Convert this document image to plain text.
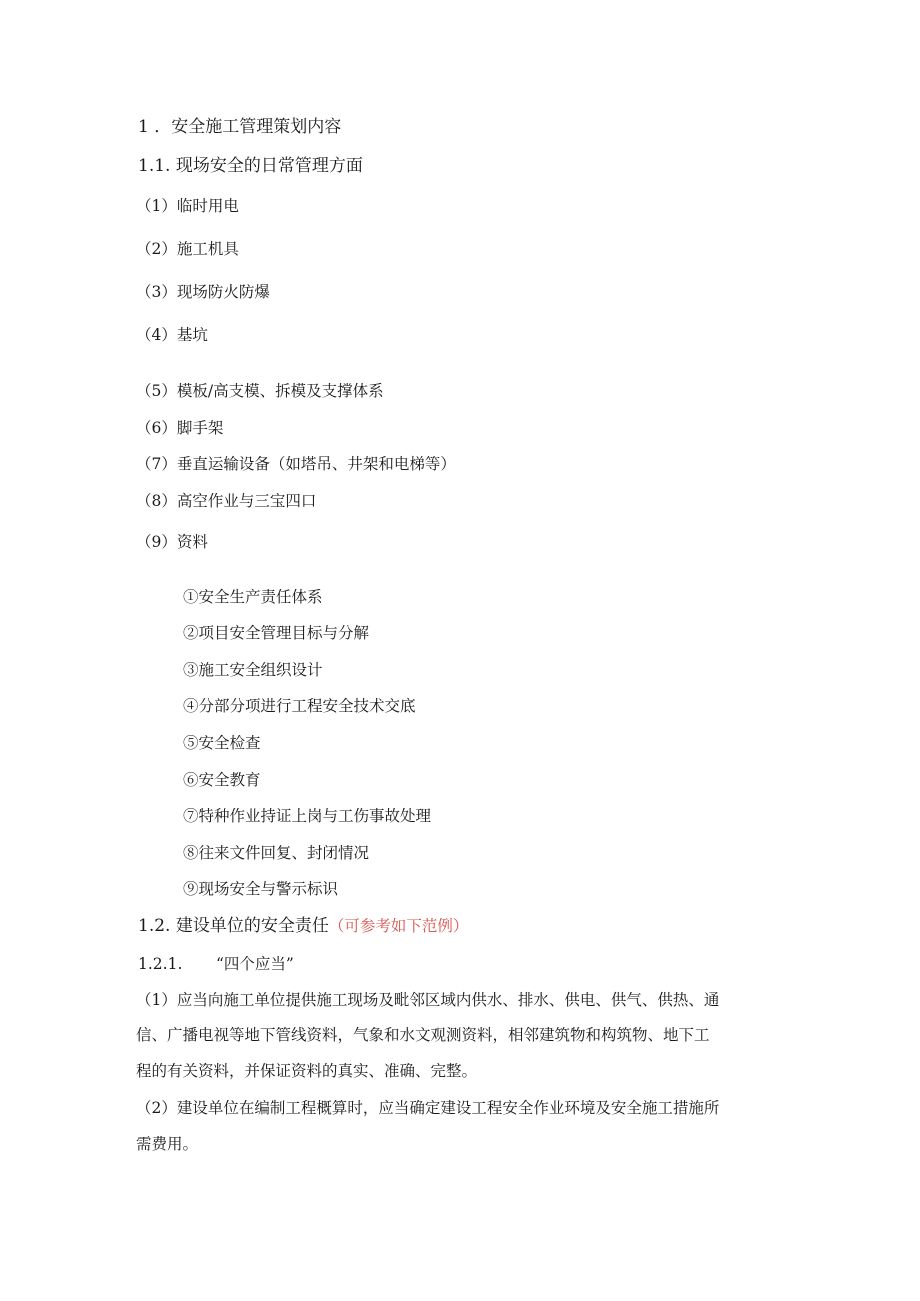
1 ．安全施工管理策划内容
1.1. 现场安全的日常管理方面
（1）临时用电
（2）施工机具
（3）现场防火防爆
（4）基坑
（5）模板/高支模、拆模及支撑体系
（6）脚手架
（7）垂直运输设备（如塔吊、井架和电梯等）
（8）高空作业与三宝四口
（9）资料
①安全生产责任体系
②项目安全管理目标与分解
③施工安全组织设计
④分部分项进行工程安全技术交底
⑤安全检查
⑥安全教育
⑦特种作业持证上岗与工伤事故处理
⑧往来文件回复、封闭情况
⑨现场安全与警示标识
1.2. 建设单位的安全责任（可参考如下范例）
1.2.1. “四个应当”
（1）应当向施工单位提供施工现场及毗邻区域内供水、排水、供电、供气、供热、通
信、广播电视等地下管线资料，气象和水文观测资料，相邻建筑物和构筑物、地下工
程的有关资料，并保证资料的真实、准确、完整。
（2）建设单位在编制工程概算时，应当确定建设工程安全作业环境及安全施工措施所
需费用。
